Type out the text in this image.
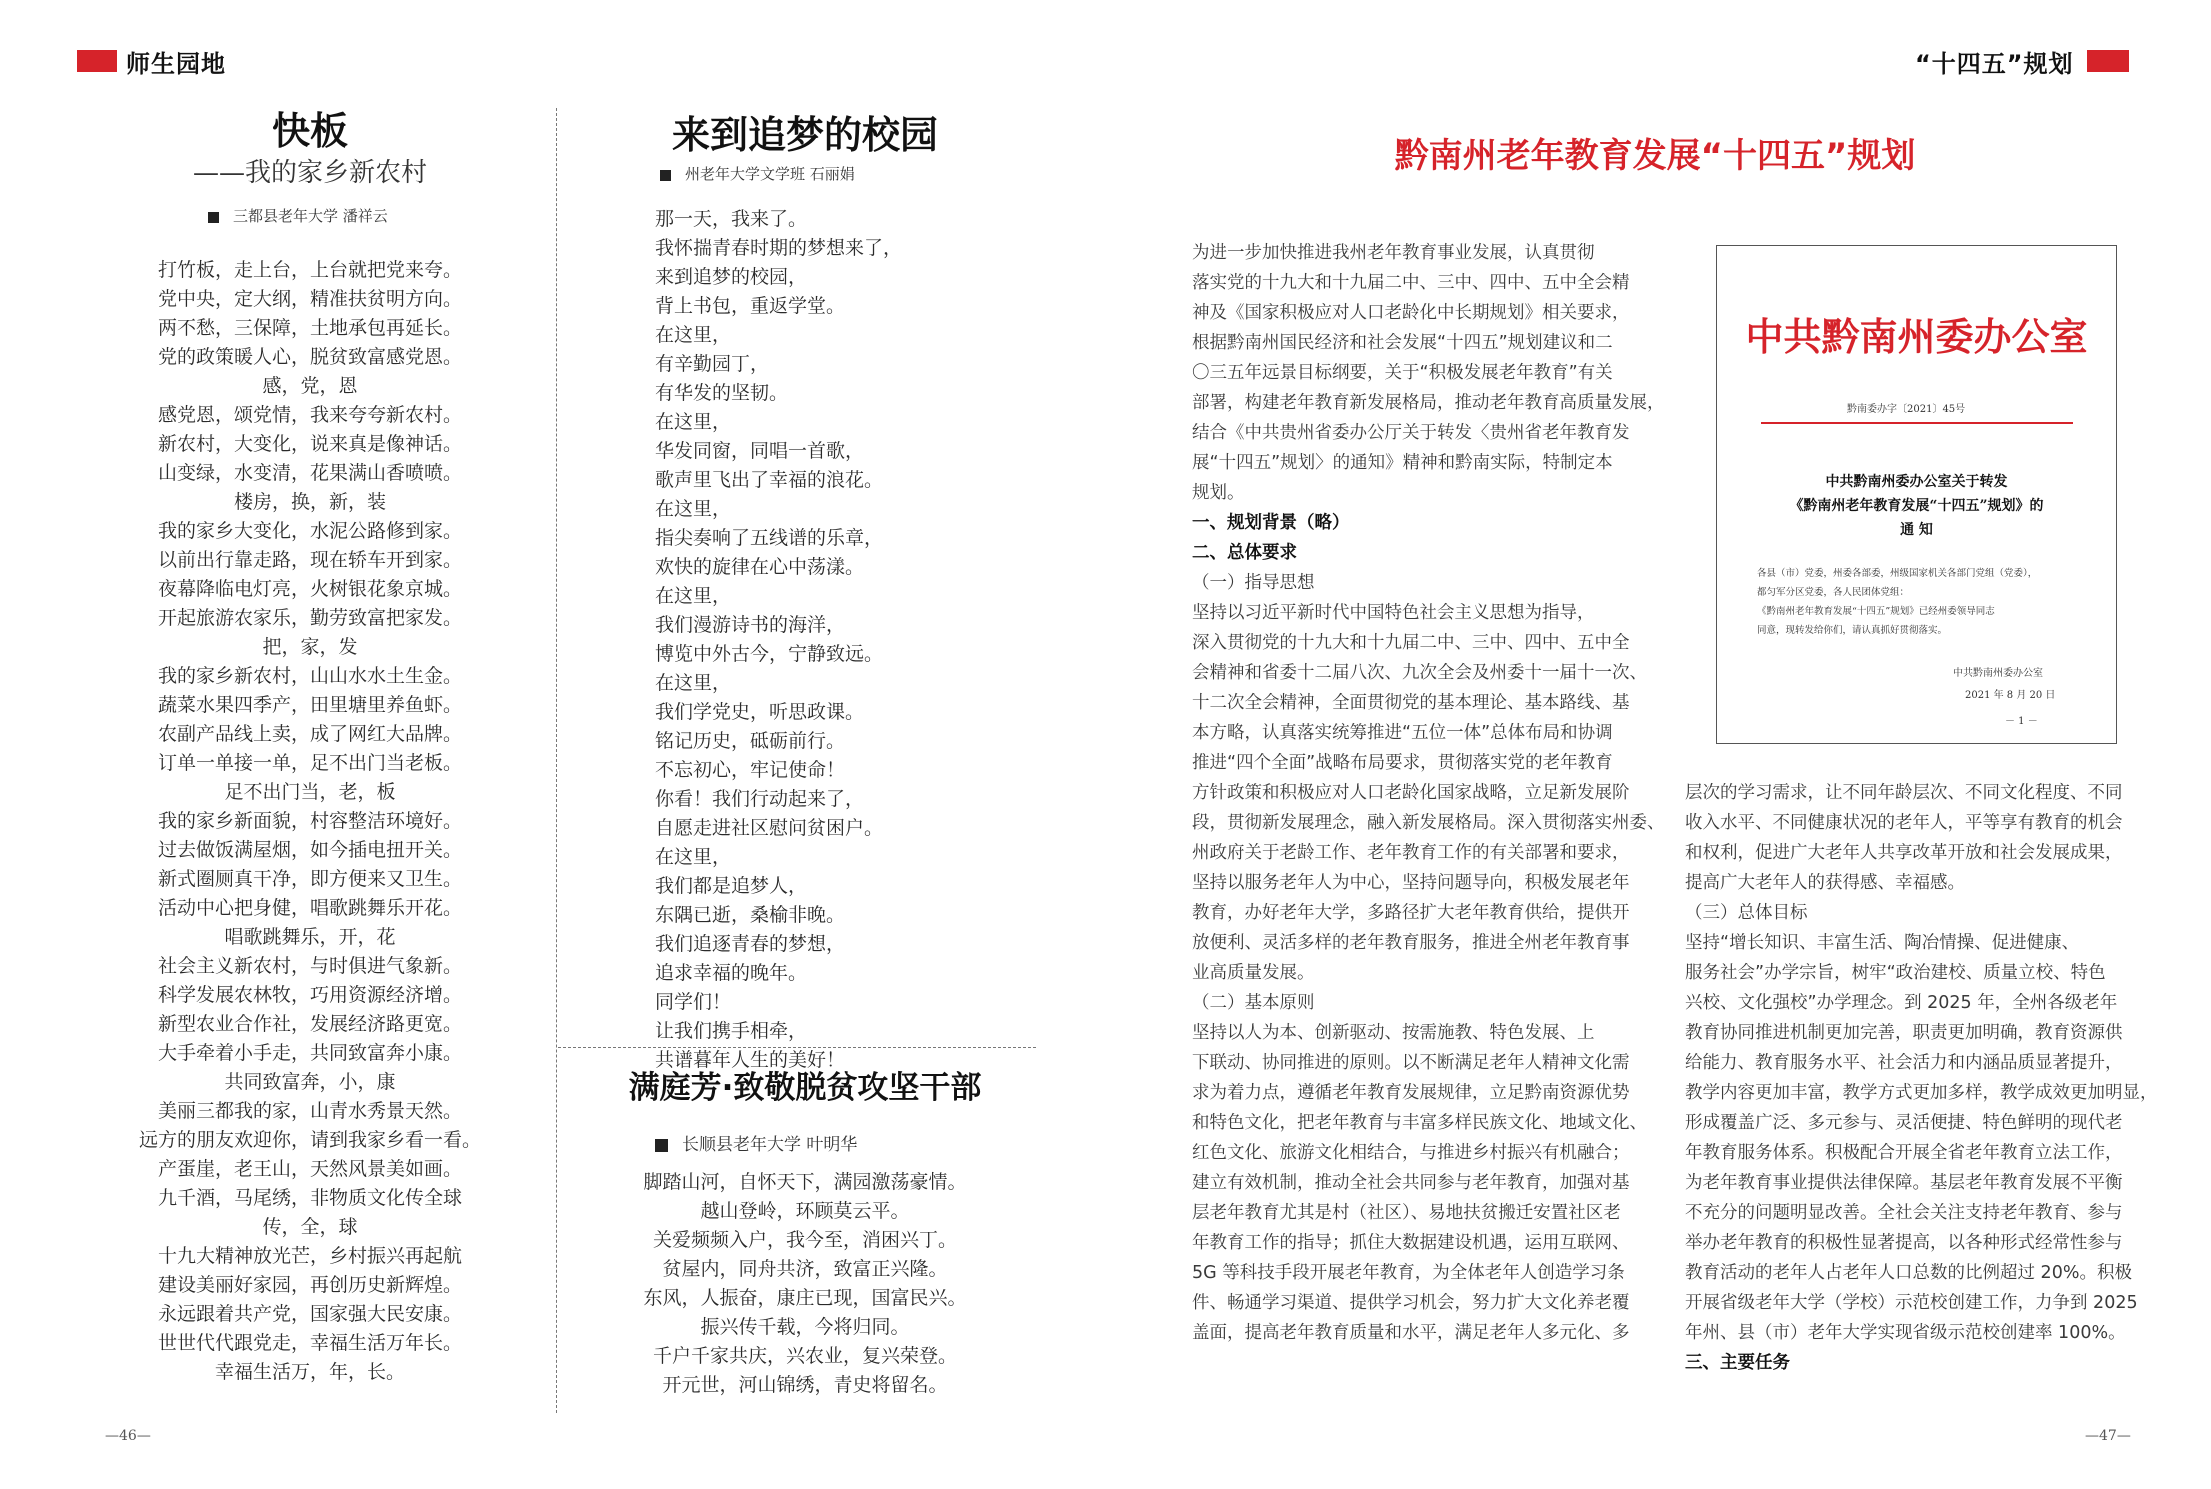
师生园地	“十四五”规划
快板
——我的家乡新农村
三都县老年大学 潘祥云
打竹板，走上台，上台就把党来夸。
党中央，定大纲，精准扶贫明方向。
两不愁，三保障，土地承包再延长。
党的政策暖人心，脱贫致富感党恩。
感，党，恩
感党恩，颂党情，我来夸夸新农村。
新农村，大变化，说来真是像神话。
山变绿，水变清，花果满山香喷喷。
楼房，换，新，装
我的家乡大变化，水泥公路修到家。
以前出行靠走路，现在轿车开到家。
夜幕降临电灯亮，火树银花象京城。
开起旅游农家乐，勤劳致富把家发。
把，家，发
我的家乡新农村，山山水水土生金。
蔬菜水果四季产，田里塘里养鱼虾。
农副产品线上卖，成了网红大品牌。
订单一单接一单，足不出门当老板。
足不出门当，老，板
我的家乡新面貌，村容整洁环境好。
过去做饭满屋烟，如今插电扭开关。
新式圈厕真干净，即方便来又卫生。
活动中心把身健，唱歌跳舞乐开花。
唱歌跳舞乐，开，花
社会主义新农村，与时俱进气象新。
科学发展农林牧，巧用资源经济增。
新型农业合作社，发展经济路更宽。
大手牵着小手走，共同致富奔小康。
共同致富奔，小，康
美丽三都我的家，山青水秀景天然。
远方的朋友欢迎你，请到我家乡看一看。
产蛋崖，老王山，天然风景美如画。
九千酒，马尾绣，非物质文化传全球
传，全，球
十九大精神放光芒，乡村振兴再起航
建设美丽好家园，再创历史新辉煌。
永远跟着共产党，国家强大民安康。
世世代代跟党走，幸福生活万年长。
幸福生活万，年，长。
来到追梦的校园
州老年大学文学班 石丽娟
那一天，我来了。
我怀揣青春时期的梦想来了，
来到追梦的校园，
背上书包，重返学堂。
在这里，
有辛勤园丁，
有华发的坚韧。
在这里，
华发同窗，同唱一首歌，
歌声里飞出了幸福的浪花。
在这里，
指尖奏响了五线谱的乐章，
欢快的旋律在心中荡漾。
在这里，
我们漫游诗书的海洋，
博览中外古今，宁静致远。
在这里，
我们学党史，听思政课。
铭记历史，砥砺前行。
不忘初心，牢记使命！
你看！我们行动起来了，
自愿走进社区慰问贫困户。
在这里，
我们都是追梦人，
东隅已逝，桑榆非晚。
我们追逐青春的梦想，
追求幸福的晚年。
同学们！
让我们携手相牵，
共谱暮年人生的美好！
满庭芳·致敬脱贫攻坚干部
长顺县老年大学 叶明华
脚踏山河，自怀天下，满园激荡豪情。
越山登岭，环顾莫云平。
关爱频频入户，我今至，消困兴丁。
贫屋内，同舟共济，致富正兴隆。
东风，人振奋，康庄已现，国富民兴。
振兴传千载，今将归同。
千户千家共庆，兴农业，复兴荣登。
开元世，河山锦绣，青史将留名。
—46—	—47—
黔南州老年教育发展“十四五”规划
为进一步加快推进我州老年教育事业发展，认真贯彻
落实党的十九大和十九届二中、三中、四中、五中全会精
神及《国家积极应对人口老龄化中长期规划》相关要求，
根据黔南州国民经济和社会发展“十四五”规划建议和二
〇三五年远景目标纲要，关于“积极发展老年教育”有关
部署，构建老年教育新发展格局，推动老年教育高质量发展，
结合《中共贵州省委办公厅关于转发〈贵州省老年教育发
展“十四五”规划〉的通知》精神和黔南实际，特制定本
规划。
一、规划背景（略）
二、总体要求
（一）指导思想
坚持以习近平新时代中国特色社会主义思想为指导，
深入贯彻党的十九大和十九届二中、三中、四中、五中全
会精神和省委十二届八次、九次全会及州委十一届十一次、
十二次全会精神，全面贯彻党的基本理论、基本路线、基
本方略，认真落实统筹推进“五位一体”总体布局和协调
推进“四个全面”战略布局要求，贯彻落实党的老年教育
方针政策和积极应对人口老龄化国家战略，立足新发展阶
段，贯彻新发展理念，融入新发展格局。深入贯彻落实州委、
州政府关于老龄工作、老年教育工作的有关部署和要求，
坚持以服务老年人为中心，坚持问题导向，积极发展老年
教育，办好老年大学，多路径扩大老年教育供给，提供开
放便利、灵活多样的老年教育服务，推进全州老年教育事
业高质量发展。
（二）基本原则
坚持以人为本、创新驱动、按需施教、特色发展、上
下联动、协同推进的原则。以不断满足老年人精神文化需
求为着力点，遵循老年教育发展规律，立足黔南资源优势
和特色文化，把老年教育与丰富多样民族文化、地域文化、
红色文化、旅游文化相结合，与推进乡村振兴有机融合；
建立有效机制，推动全社会共同参与老年教育，加强对基
层老年教育尤其是村（社区）、易地扶贫搬迁安置社区老
年教育工作的指导；抓住大数据建设机遇，运用互联网、
5G 等科技手段开展老年教育，为全体老年人创造学习条
件、畅通学习渠道、提供学习机会，努力扩大文化养老覆
盖面，提高老年教育质量和水平，满足老年人多元化、多
层次的学习需求，让不同年龄层次、不同文化程度、不同
收入水平、不同健康状况的老年人，平等享有教育的机会
和权利，促进广大老年人共享改革开放和社会发展成果，
提高广大老年人的获得感、幸福感。
（三）总体目标
坚持“增长知识、丰富生活、陶冶情操、促进健康、
服务社会”办学宗旨，树牢“政治建校、质量立校、特色
兴校、文化强校”办学理念。到 2025 年，全州各级老年
教育协同推进机制更加完善，职责更加明确，教育资源供
给能力、教育服务水平、社会活力和内涵品质显著提升，
教学内容更加丰富，教学方式更加多样，教学成效更加明显，
形成覆盖广泛、多元参与、灵活便捷、特色鲜明的现代老
年教育服务体系。积极配合开展全省老年教育立法工作，
为老年教育事业提供法律保障。基层老年教育发展不平衡
不充分的问题明显改善。全社会关注支持老年教育、参与
举办老年教育的积极性显著提高，以各种形式经常性参与
教育活动的老年人占老年人口总数的比例超过 20%。积极
开展省级老年大学（学校）示范校创建工作，力争到 2025
年州、县（市）老年大学实现省级示范校创建率 100%。
三、主要任务
中共黔南州委办公室
黔南委办字〔2021〕45号
中共黔南州委办公室关于转发
《黔南州老年教育发展“十四五”规划》的
通 知
各县（市）党委，州委各部委，州级国家机关各部门党组（党委），
都匀军分区党委，各人民团体党组：
《黔南州老年教育发展“十四五”规划》已经州委领导同志
同意，现转发给你们，请认真抓好贯彻落实。
中共黔南州委办公室
2021 年 8 月 20 日
－ 1 －
